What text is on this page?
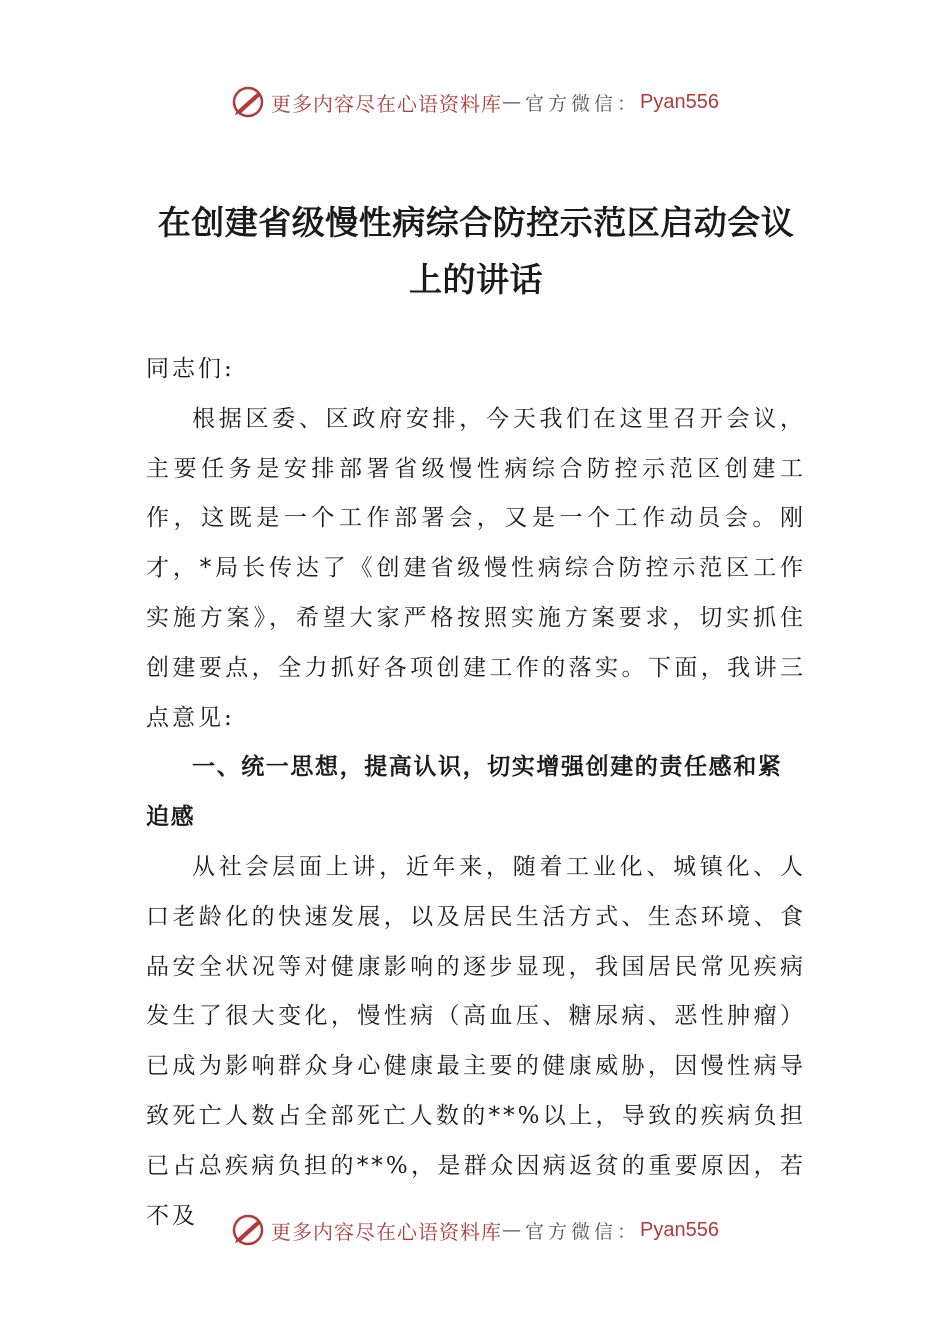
更多内容尽在心语资料库 — 官方微信： Pyan556
在创建省级慢性病综合防控示范区启动会议上的讲话

同志们:

根据区委、区政府安排，今天我们在这里召开会议，主要任务是安排部署省级慢性病综合防控示范区创建工作，这既是一个工作部署会，又是一个工作动员会。刚才，*局长传达了《创建省级慢性病综合防控示范区工作实施方案》，希望大家严格按照实施方案要求，切实抓住创建要点，全力抓好各项创建工作的落实。下面，我讲三点意见:

一、统一思想，提高认识，切实增强创建的责任感和紧迫感

从社会层面上讲，近年来，随着工业化、城镇化、人口老龄化的快速发展，以及居民生活方式、生态环境、食品安全状况等对健康影响的逐步显现，我国居民常见疾病发生了很大变化，慢性病（高血压、糖尿病、恶性肿瘤）已成为影响群众身心健康最主要的健康威胁，因慢性病导致死亡人数占全部死亡人数的**%以上，导致的疾病负担已占总疾病负担的**%，是群众因病返贫的重要原因，若不及

更多内容尽在心语资料库 — 官方微信： Pyan556
